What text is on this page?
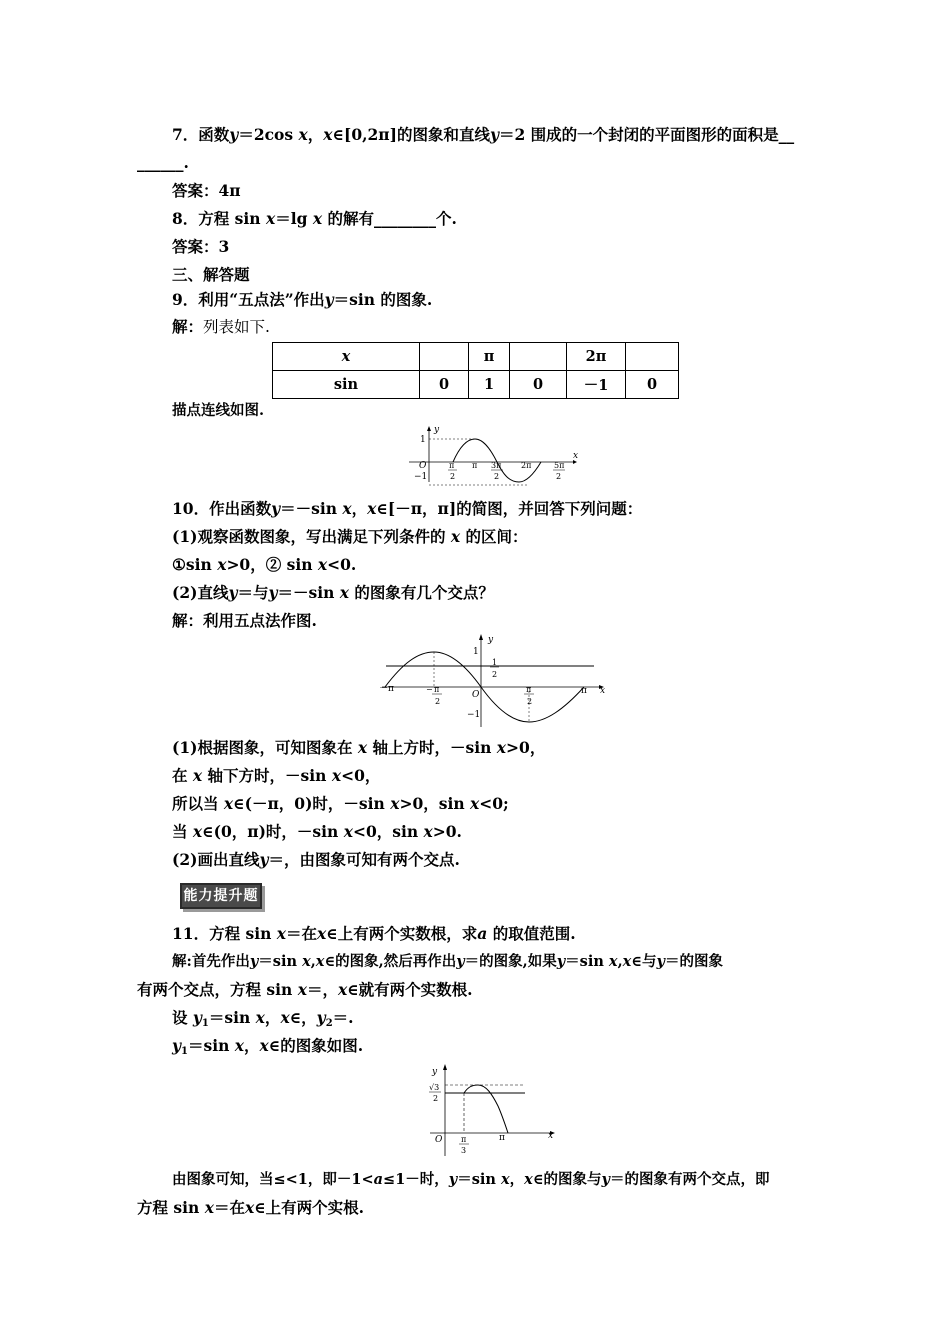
7．函数y＝2cos x，x∈[0,2π]的图象和直线y＝2 围成的一个封闭的平面图形的面积是__
______.
答案：4π
8．方程 sin x＝lg x 的解有________个.
答案：3
三、解答题
9．利用“五点法”作出y＝sin 的图象.
解：列表如下.
x		π		2π	
sin	0	1	0	－1	0
描点连线如图.
y
x
1
−1
O	π
2
π 3π
2
2π	5π
2
10．作出函数y＝－sin x，x∈[－π，π]的简图，并回答下列问题：
(1)观察函数图象，写出满足下列条件的 x 的区间：
①sin x>0，② sin x<0.
(2)直线y＝与y＝－sin x 的图象有几个交点？
解：利用五点法作图.
y
x
1
1
2
O
−1
－π	− π
2
π
2
π
(1)根据图象，可知图象在 x 轴上方时，－sin x>0，
在 x 轴下方时，－sin x<0，
所以当 x∈(－π，0)时，－sin x>0，sin x<0;
当 x∈(0，π)时，－sin x<0，sin x>0.
(2)画出直线y＝，由图象可知有两个交点.
能力提升题
11．方程 sin x＝在x∈上有两个实数根，求a 的取值范围.
解:首先作出y＝sin x,x∈的图象,然后再作出y＝的图象,如果y＝sin x,x∈与y＝的图象
有两个交点，方程 sin x＝，x∈就有两个实数根.
设 $y_1=\sin$ x，x∈，$y_2=$.
$y_1=\sin$ x，x∈的图象如图.
y
x
√3
2
O π
3
π
由图象可知，当≤<1，即－1<a≤1－时，y＝sin x，x∈的图象与y＝的图象有两个交点，即
方程 sin x＝在x∈上有两个实根.
